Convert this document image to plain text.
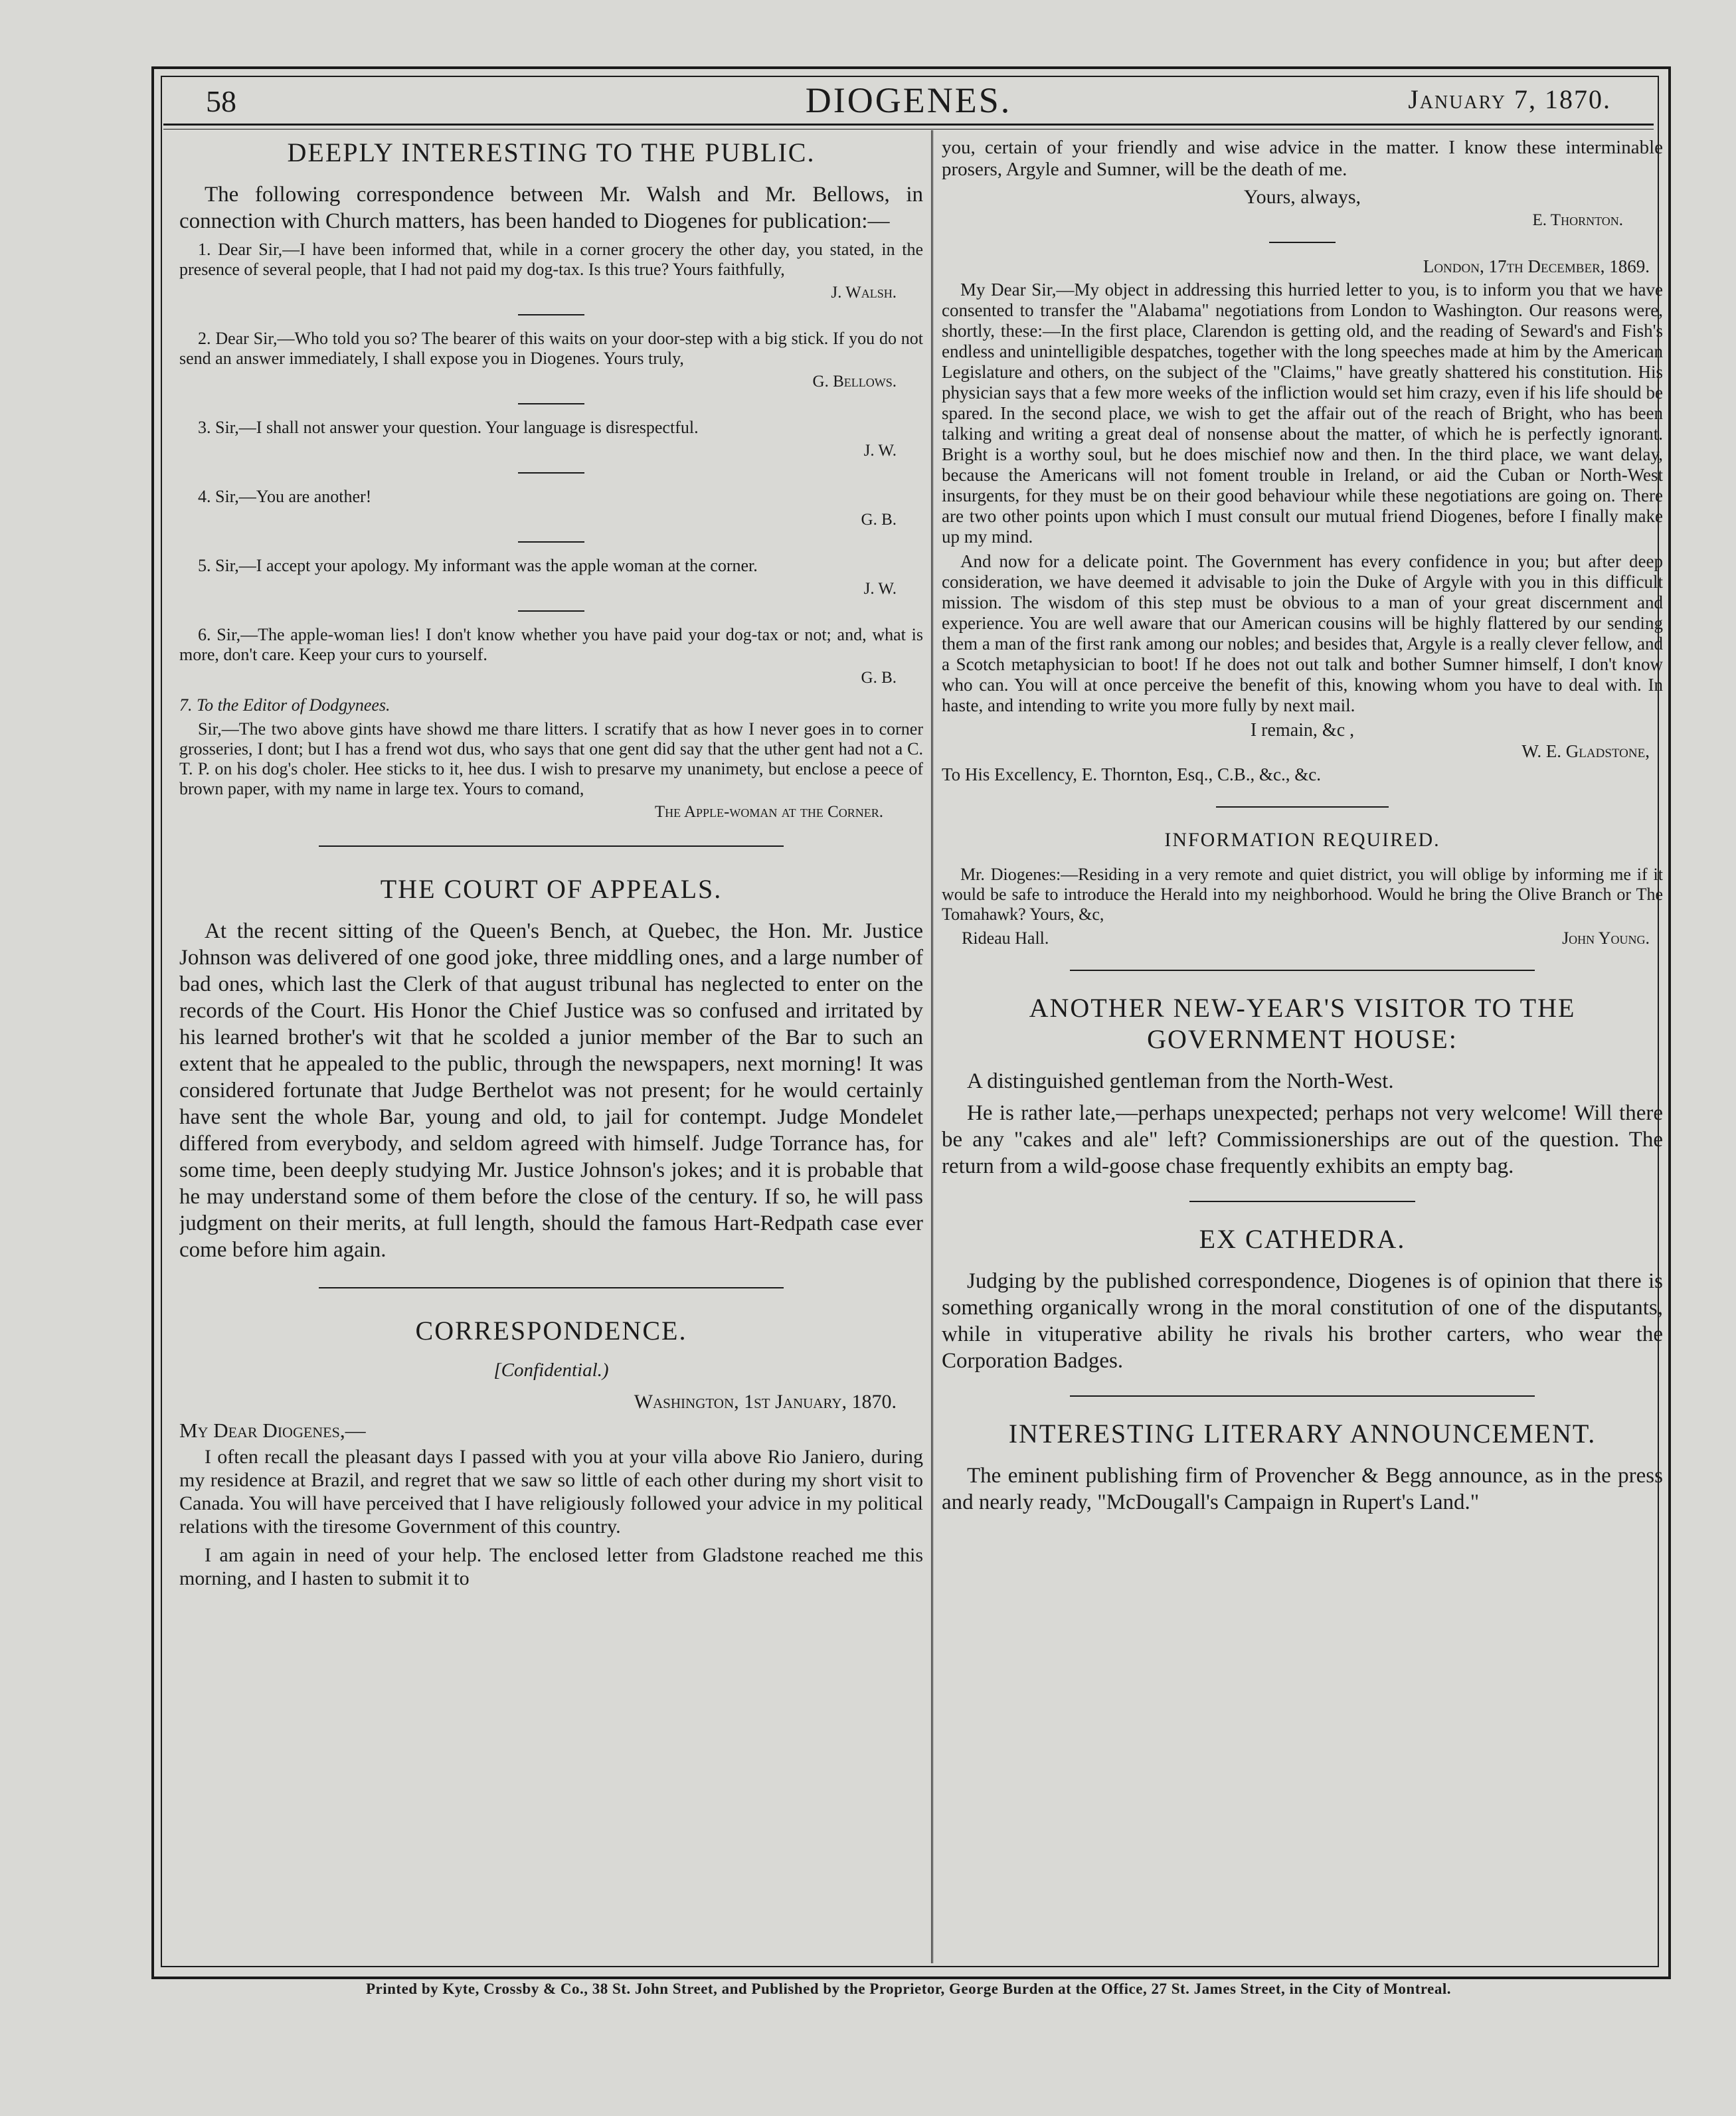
58	DIOGENES.	January 7, 1870.
DEEPLY INTERESTING TO THE PUBLIC.

The following correspondence between Mr. Walsh and Mr. Bellows, in connection with Church matters, has been handed to Diogenes for publication:—

1. Dear Sir,—I have been informed that, while in a corner grocery the other day, you stated, in the presence of several people, that I had not paid my dog-tax. Is this true? Yours faithfully,

J. Walsh.

2. Dear Sir,—Who told you so? The bearer of this waits on your door-step with a big stick. If you do not send an answer immediately, I shall expose you in Diogenes. Yours truly,

G. Bellows.

3. Sir,—I shall not answer your question. Your language is disrespectful.

J. W.

4. Sir,—You are another!

G. B.

5. Sir,—I accept your apology. My informant was the apple woman at the corner.

J. W.

6. Sir,—The apple-woman lies! I don't know whether you have paid your dog-tax or not; and, what is more, don't care. Keep your curs to yourself.

G. B.

7. To the Editor of Dodgynees.

Sir,—The two above gints have showd me thare litters. I scratify that as how I never goes in to corner grosseries, I dont; but I has a frend wot dus, who says that one gent did say that the uther gent had not a C. T. P. on his dog's choler. Hee sticks to it, hee dus. I wish to presarve my unanimety, but enclose a peece of brown paper, with my name in large tex. Yours to comand,

The Apple-woman at the Corner.

THE COURT OF APPEALS.

At the recent sitting of the Queen's Bench, at Quebec, the Hon. Mr. Justice Johnson was delivered of one good joke, three middling ones, and a large number of bad ones, which last the Clerk of that august tribunal has neglected to enter on the records of the Court. His Honor the Chief Justice was so confused and irritated by his learned brother's wit that he scolded a junior member of the Bar to such an extent that he appealed to the public, through the newspapers, next morning! It was considered fortunate that Judge Berthelot was not present; for he would certainly have sent the whole Bar, young and old, to jail for contempt. Judge Mondelet differed from everybody, and seldom agreed with himself. Judge Torrance has, for some time, been deeply studying Mr. Justice Johnson's jokes; and it is probable that he may understand some of them before the close of the century. If so, he will pass judgment on their merits, at full length, should the famous Hart-Redpath case ever come before him again.

CORRESPONDENCE.

[Confidential.)

Washington, 1st January, 1870.

My Dear Diogenes,—

I often recall the pleasant days I passed with you at your villa above Rio Janiero, during my residence at Brazil, and regret that we saw so little of each other during my short visit to Canada. You will have perceived that I have religiously followed your advice in my political relations with the tiresome Government of this country.

I am again in need of your help. The enclosed letter from Gladstone reached me this morning, and I hasten to submit it to

you, certain of your friendly and wise advice in the matter. I know these interminable prosers, Argyle and Sumner, will be the death of me.

Yours, always,

E. Thornton.

London, 17th December, 1869.

My Dear Sir,—My object in addressing this hurried letter to you, is to inform you that we have consented to transfer the "Alabama" negotiations from London to Washington. Our reasons were, shortly, these:—In the first place, Clarendon is getting old, and the reading of Seward's and Fish's endless and unintelligible despatches, together with the long speeches made at him by the American Legislature and others, on the subject of the "Claims," have greatly shattered his constitution. His physician says that a few more weeks of the infliction would set him crazy, even if his life should be spared. In the second place, we wish to get the affair out of the reach of Bright, who has been talking and writing a great deal of nonsense about the matter, of which he is perfectly ignorant. Bright is a worthy soul, but he does mischief now and then. In the third place, we want delay, because the Americans will not foment trouble in Ireland, or aid the Cuban or North-West insurgents, for they must be on their good behaviour while these negotiations are going on. There are two other points upon which I must consult our mutual friend Diogenes, before I finally make up my mind.

And now for a delicate point. The Government has every confidence in you; but after deep consideration, we have deemed it advisable to join the Duke of Argyle with you in this difficult mission. The wisdom of this step must be obvious to a man of your great discernment and experience. You are well aware that our American cousins will be highly flattered by our sending them a man of the first rank among our nobles; and besides that, Argyle is a really clever fellow, and a Scotch metaphysician to boot! If he does not out talk and bother Sumner himself, I don't know who can. You will at once perceive the benefit of this, knowing whom you have to deal with. In haste, and intending to write you more fully by next mail.

I remain, &c ,

W. E. Gladstone,

To His Excellency, E. Thornton, Esq., C.B., &c., &c.

INFORMATION REQUIRED.

Mr. Diogenes:—Residing in a very remote and quiet district, you will oblige by informing me if it would be safe to introduce the Herald into my neighborhood. Would he bring the Olive Branch or The Tomahawk? Yours, &c,

Rideau Hall.	John Young.

ANOTHER NEW-YEAR'S VISITOR TO THE
GOVERNMENT HOUSE:

A distinguished gentleman from the North-West.

He is rather late,—perhaps unexpected; perhaps not very welcome! Will there be any "cakes and ale" left? Commissionerships are out of the question. The return from a wild-goose chase frequently exhibits an empty bag.

EX CATHEDRA.

Judging by the published correspondence, Diogenes is of opinion that there is something organically wrong in the moral constitution of one of the disputants, while in vituperative ability he rivals his brother carters, who wear the Corporation Badges.

INTERESTING LITERARY ANNOUNCEMENT.

The eminent publishing firm of Provencher & Begg announce, as in the press and nearly ready, "McDougall's Campaign in Rupert's Land."

Printed by Kyte, Crossby & Co., 38 St. John Street, and Published by the Proprietor, George Burden at the Office, 27 St. James Street, in the City of Montreal.
